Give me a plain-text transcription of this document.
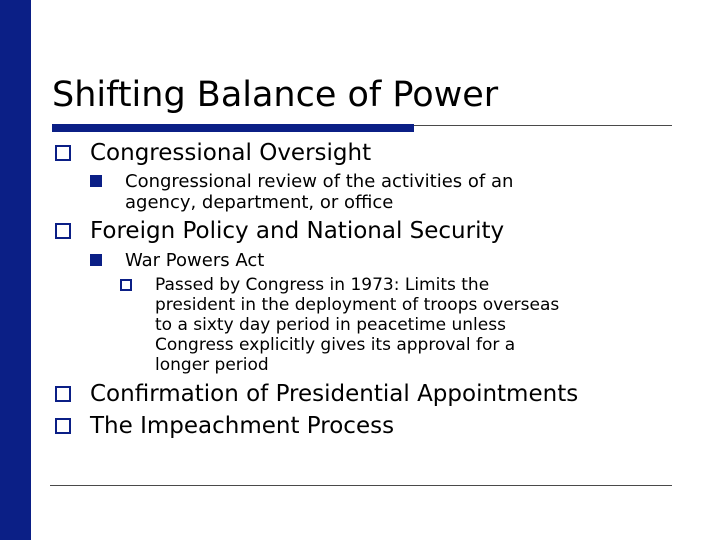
Shifting Balance of Power
Congressional Oversight
Congressional review of the activities of an
agency, department, or office
Foreign Policy and National Security
War Powers Act
Passed by Congress in 1973: Limits the
president in the deployment of troops overseas
to a sixty day period in peacetime unless
Congress explicitly gives its approval for a
longer period
Confirmation of Presidential Appointments
The Impeachment Process
